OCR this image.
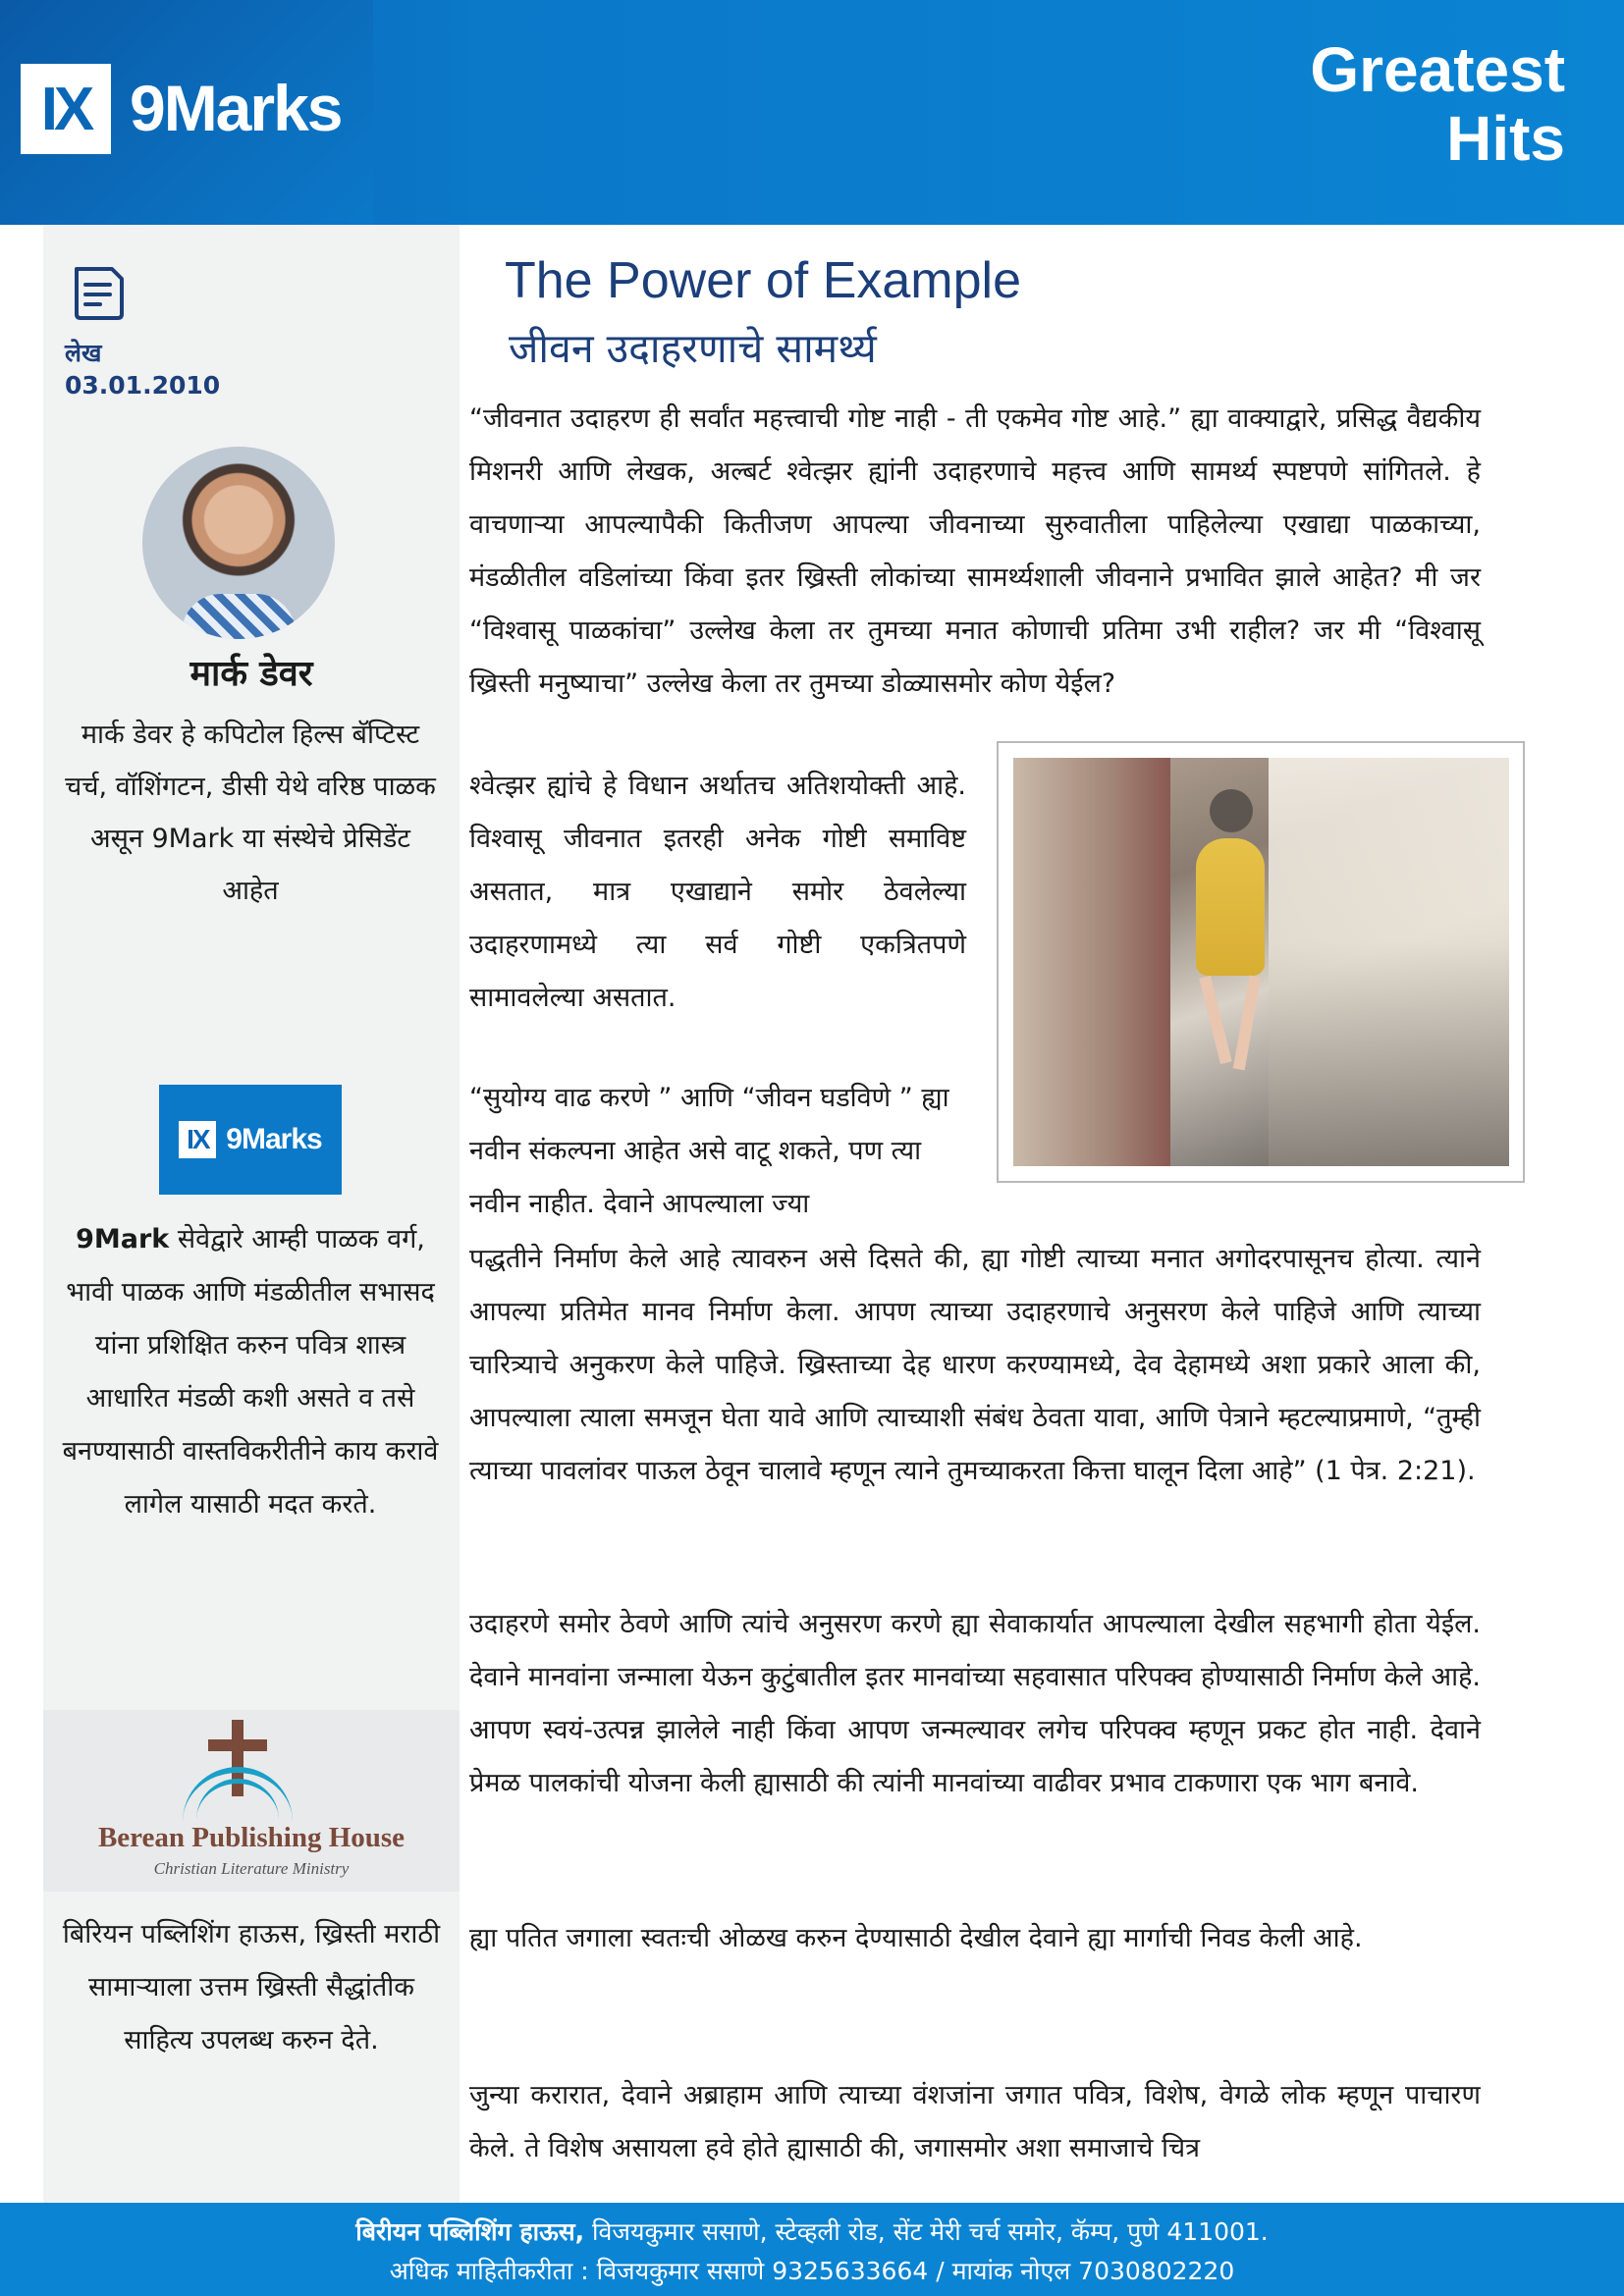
IX 9Marks
Greatest
Hits
लेख
03.01.2010
मार्क डेवर
मार्क डेवर हे कपिटोल हिल्स बॅप्टिस्ट चर्च, वॉशिंगटन, डीसी येथे वरिष्ठ पाळक असून 9Mark या संस्थेचे प्रेसिडेंट आहेत
IX 9Marks
9Mark सेवेद्वारे आम्ही पाळक वर्ग, भावी पाळक आणि मंडळीतील सभासद यांना प्रशिक्षित करुन पवित्र शास्त्र आधारित मंडळी कशी असते व तसे बनण्यासाठी वास्तविकरीतीने काय करावे लागेल यासाठी मदत करते.
Berean Publishing House
Christian Literature Ministry
बिरियन पब्लिशिंग हाऊस, ख्रिस्ती मराठी सामाऱ्याला उत्तम ख्रिस्ती सैद्धांतीक साहित्य उपलब्ध करुन देते.
The Power of Example
जीवन उदाहरणाचे सामर्थ्य

“जीवनात उदाहरण ही सर्वांत महत्त्वाची गोष्ट नाही - ती एकमेव गोष्ट आहे.” ह्या वाक्याद्वारे, प्रसिद्ध वैद्यकीय मिशनरी आणि लेखक, अल्बर्ट श्वेत्झर ह्यांनी उदाहरणाचे महत्त्व आणि सामर्थ्य स्पष्टपणे सांगितले. हे वाचणाऱ्या आपल्यापैकी कितीजण आपल्या जीवनाच्या सुरुवातीला पाहिलेल्या एखाद्या पाळकाच्या, मंडळीतील वडिलांच्या किंवा इतर ख्रिस्ती लोकांच्या सामर्थ्यशाली जीवनाने प्रभावित झाले आहेत? मी जर “विश्वासू पाळकांचा” उल्लेख केला तर तुमच्या मनात कोणाची प्रतिमा उभी राहील? जर मी “विश्वासू ख्रिस्ती मनुष्याचा” उल्लेख केला तर तुमच्या डोळ्यासमोर कोण येईल?

श्वेत्झर ह्यांचे हे विधान अर्थातच अतिशयोक्ती आहे. विश्वासू जीवनात इतरही अनेक गोष्टी समाविष्ट असतात, मात्र एखाद्याने समोर ठेवलेल्या उदाहरणामध्ये त्या सर्व गोष्टी एकत्रितपणे सामावलेल्या असतात.

“सुयोग्य वाढ करणे ” आणि “जीवन घडविणे ” ह्या नवीन संकल्पना आहेत असे वाटू शकते, पण त्या नवीन नाहीत. देवाने आपल्याला ज्या

पद्धतीने निर्माण केले आहे त्यावरुन असे दिसते की, ह्या गोष्टी त्याच्या मनात अगोदरपासूनच होत्या. त्याने आपल्या प्रतिमेत मानव निर्माण केला. आपण त्याच्या उदाहरणाचे अनुसरण केले पाहिजे आणि त्याच्या चारित्र्याचे अनुकरण केले पाहिजे. ख्रिस्ताच्या देह धारण करण्यामध्ये, देव देहामध्ये अशा प्रकारे आला की, आपल्याला त्याला समजून घेता यावे आणि त्याच्याशी संबंध ठेवता यावा, आणि पेत्राने म्हटल्याप्रमाणे, “तुम्ही त्याच्या पावलांवर पाऊल ठेवून चालावे म्हणून त्याने तुमच्याकरता कित्ता घालून दिला आहे” (1 पेत्र. 2:21).

उदाहरणे समोर ठेवणे आणि त्यांचे अनुसरण करणे ह्या सेवाकार्यात आपल्याला देखील सहभागी होता येईल. देवाने मानवांना जन्माला येऊन कुटुंबातील इतर मानवांच्या सहवासात परिपक्व होण्यासाठी निर्माण केले आहे. आपण स्वयं-उत्पन्न झालेले नाही किंवा आपण जन्मल्यावर लगेच परिपक्व म्हणून प्रकट होत नाही. देवाने प्रेमळ पालकांची योजना केली ह्यासाठी की त्यांनी मानवांच्या वाढीवर प्रभाव टाकणारा एक भाग बनावे.

ह्या पतित जगाला स्वतःची ओळख करुन देण्यासाठी देखील देवाने ह्या मार्गाची निवड केली आहे.

जुन्या करारात, देवाने अब्राहाम आणि त्याच्या वंशजांना जगात पवित्र, विशेष, वेगळे लोक म्हणून पाचारण केले. ते विशेष असायला हवे होते ह्यासाठी की, जगासमोर अशा समाजाचे चित्र

बिरीयन पब्लिशिंग हाऊस, विजयकुमार ससाणे, स्टेव्हली रोड, सेंट मेरी चर्च समोर, कॅम्प, पुणे 411001.
अधिक माहितीकरीता : विजयकुमार ससाणे 9325633664 / मायांक नोएल 7030802220
